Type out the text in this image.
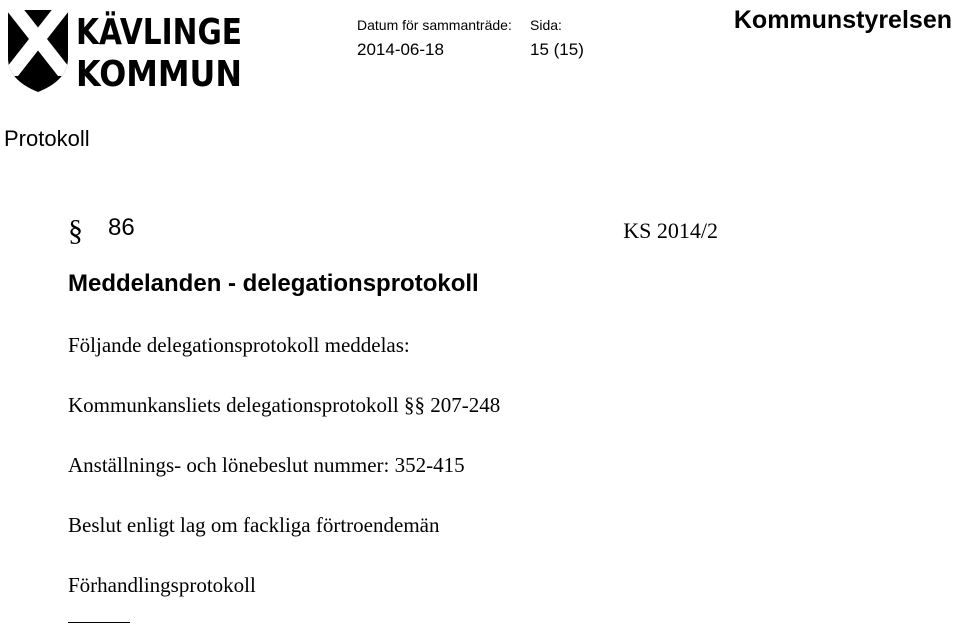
KÄVLINGE
KOMMUN
Datum för sammanträde:
2014-06-18
Sida:
15 (15)
Kommunstyrelsen
Protokoll
§ 86	KS 2014/2
Meddelanden - delegationsprotokoll
Följande delegationsprotokoll meddelas:
Kommunkansliets delegationsprotokoll §§ 207-248
Anställnings- och lönebeslut nummer: 352-415
Beslut enligt lag om fackliga förtroendemän
Förhandlingsprotokoll
